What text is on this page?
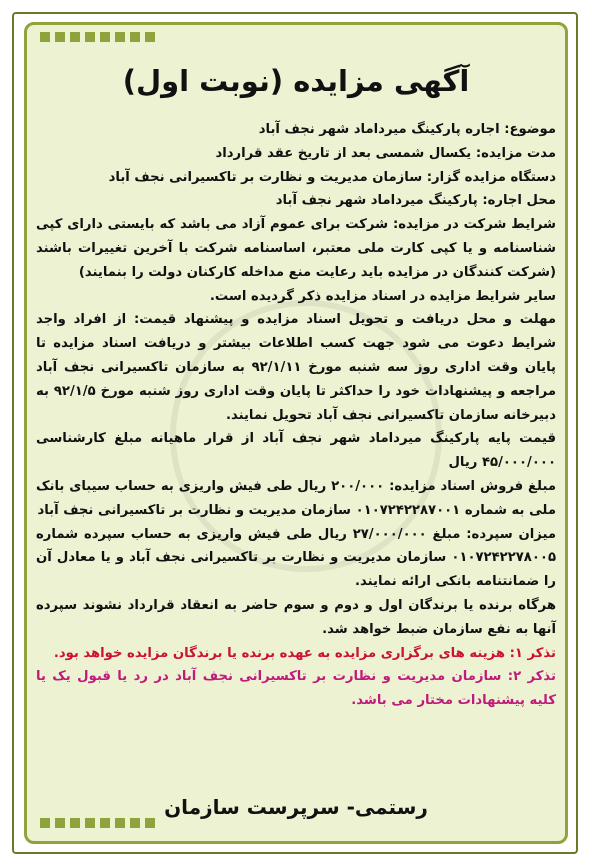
آگهی مزایده (نوبت اول)

موضوع: اجاره پارکینگ میرداماد شهر نجف آباد

مدت مزایده: یکسال شمسی بعد از تاریخ عقد قرارداد

دستگاه مزایده گزار: سازمان مدیریت و نظارت بر تاکسیرانی نجف آباد

محل اجاره: پارکینگ میرداماد شهر نجف آباد

شرایط شرکت در مزایده: شرکت برای عموم آزاد می باشد که بایستی دارای کپی شناسنامه و یا کپی کارت ملی معتبر، اساسنامه شرکت با آخرین تغییرات باشند (شرکت کنندگان در مزایده باید رعایت منع مداخله کارکنان دولت را بنمایند)

سایر شرایط مزایده در اسناد مزایده ذکر گردیده است.

مهلت و محل دریافت و تحویل اسناد مزایده و پیشنهاد قیمت: از افراد واجد شرایط دعوت می شود جهت کسب اطلاعات بیشتر و دریافت اسناد مزایده تا پایان وقت اداری روز سه شنبه مورخ ۹۲/۱/۱۱ به سازمان تاکسیرانی نجف آباد مراجعه و پیشنهادات خود را حداکثر تا پایان وقت اداری روز شنبه مورخ ۹۲/۱/۵ به دبیرخانه سازمان تاکسیرانی نجف آباد تحویل نمایند.

قیمت پایه پارکینگ میرداماد شهر نجف آباد از قرار ماهیانه مبلغ کارشناسی ۴۵/۰۰۰/۰۰۰ ریال

مبلغ فروش اسناد مزایده: ۲۰۰/۰۰۰ ریال طی فیش واریزی به حساب سیبای بانک ملی به شماره ۰۱۰۷۲۴۲۲۸۷۰۰۱ سازمان مدیریت و نظارت بر تاکسیرانی نجف آباد

میزان سپرده: مبلغ ۲۷/۰۰۰/۰۰۰ ریال طی فیش واریزی به حساب سپرده شماره ۰۱۰۷۲۴۲۲۷۸۰۰۵ سازمان مدیریت و نظارت بر تاکسیرانی نجف آباد و یا معادل آن را ضمانتنامه بانکی ارائه نمایند.

هرگاه برنده یا برندگان اول و دوم و سوم حاضر به انعقاد قرارداد نشوند سپرده آنها به نفع سازمان ضبط خواهد شد.

تذکر ۱: هزینه های برگزاری مزایده به عهده برنده یا برندگان مزایده خواهد بود.

تذکر ۲: سازمان مدیریت و نظارت بر تاکسیرانی نجف آباد در رد یا قبول یک یا کلیه پیشنهادات مختار می باشد.

رستمی- سرپرست سازمان
